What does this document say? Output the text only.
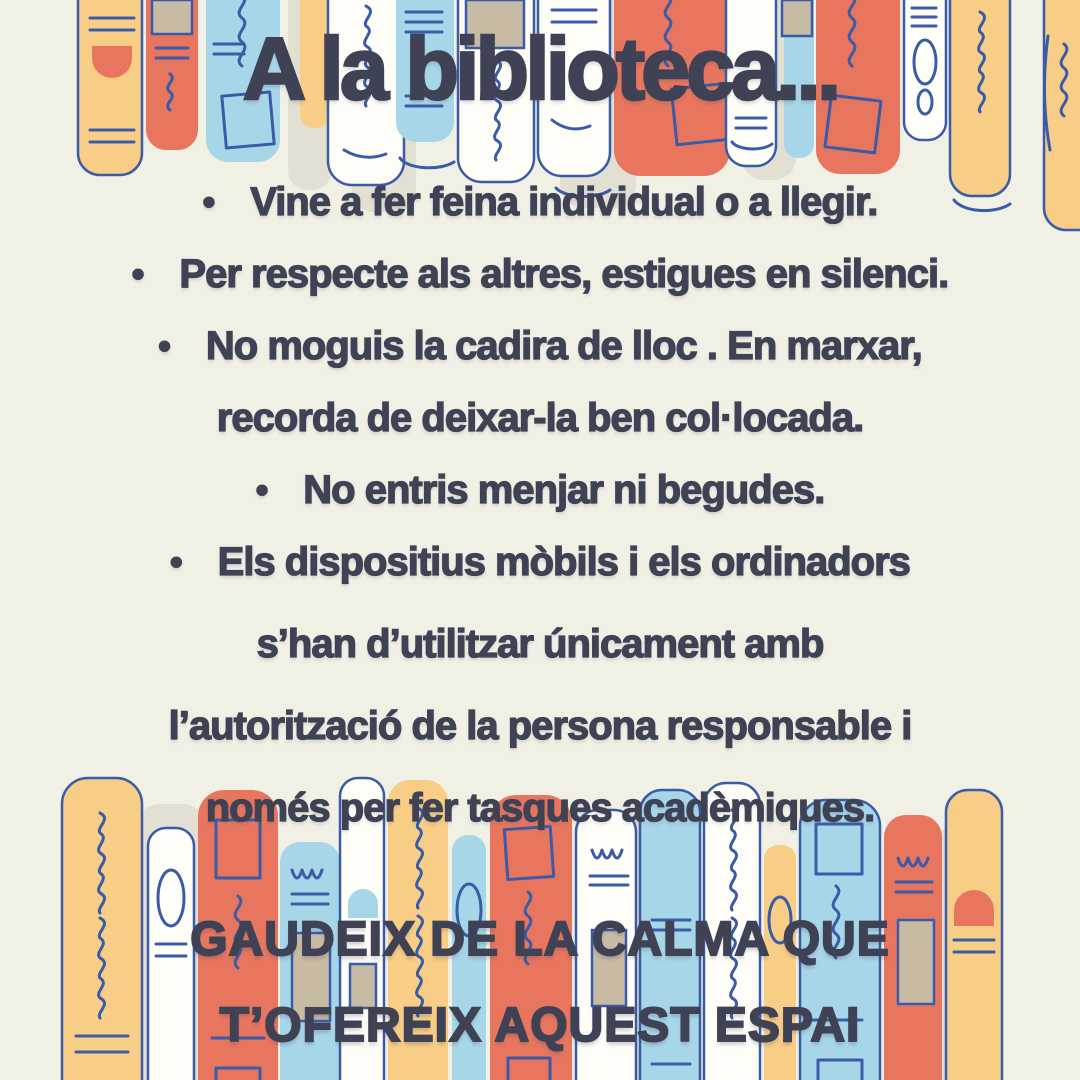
A la biblioteca...
• Vine a fer feina individual o a llegir.
• Per respecte als altres, estigues en silenci.
• No moguis la cadira de lloc . En marxar,
recorda de deixar-la ben col·locada.
• No entris menjar ni begudes.
• Els dispositius mòbils i els ordinadors
s’han d’utilitzar únicament amb
l’autorització de la persona responsable i
només per fer tasques acadèmiques.

GAUDEIX DE LA CALMA QUE

T’OFEREIX AQUEST ESPAI
